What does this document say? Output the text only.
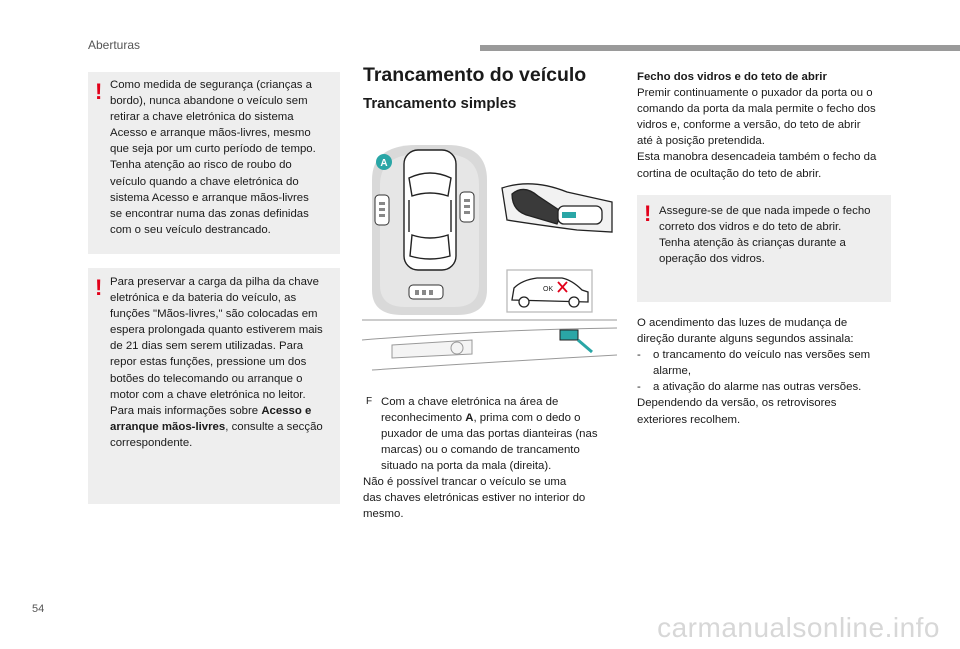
Aberturas
! Como medida de segurança (crianças a
bordo), nunca abandone o veículo sem
retirar a chave eletrónica do sistema
Acesso e arranque mãos-livres, mesmo
que seja por um curto período de tempo.
Tenha atenção ao risco de roubo do
veículo quando a chave eletrónica do
sistema Acesso e arranque mãos-livres
se encontrar numa das zonas definidas
com o seu veículo destrancado.
! Para preservar a carga da pilha da chave
eletrónica e da bateria do veículo, as
funções "Mãos-livres," são colocadas em
espera prolongada quanto estiverem mais
de 21 dias sem serem utilizadas. Para
repor estas funções, pressione um dos
botões do telecomando ou arranque o
motor com a chave eletrónica no leitor.
Para mais informações sobre Acesso e
arranque mãos-livres, consulte a secção
correspondente.
Trancamento do veículo
Trancamento simples
A
OK
F Com a chave eletrónica na área de
reconhecimento A, prima com o dedo o
puxador de uma das portas dianteiras (nas
marcas) ou o comando de trancamento
situado na porta da mala (direita).
Não é possível trancar o veículo se uma
das chaves eletrónicas estiver no interior do
mesmo.
Fecho dos vidros e do teto de abrir
Premir continuamente o puxador da porta ou o
comando da porta da mala permite o fecho dos
vidros e, conforme a versão, do teto de abrir
até à posição pretendida.
Esta manobra desencadeia também o fecho da
cortina de ocultação do teto de abrir.
! Assegure-se de que nada impede o fecho
correto dos vidros e do teto de abrir.
Tenha atenção às crianças durante a
operação dos vidros.
O acendimento das luzes de mudança de
direção durante alguns segundos assinala:
- o trancamento do veículo nas versões sem
alarme,
- a ativação do alarme nas outras versões.
Dependendo da versão, os retrovisores
exteriores recolhem.
54
carmanualsonline.info
